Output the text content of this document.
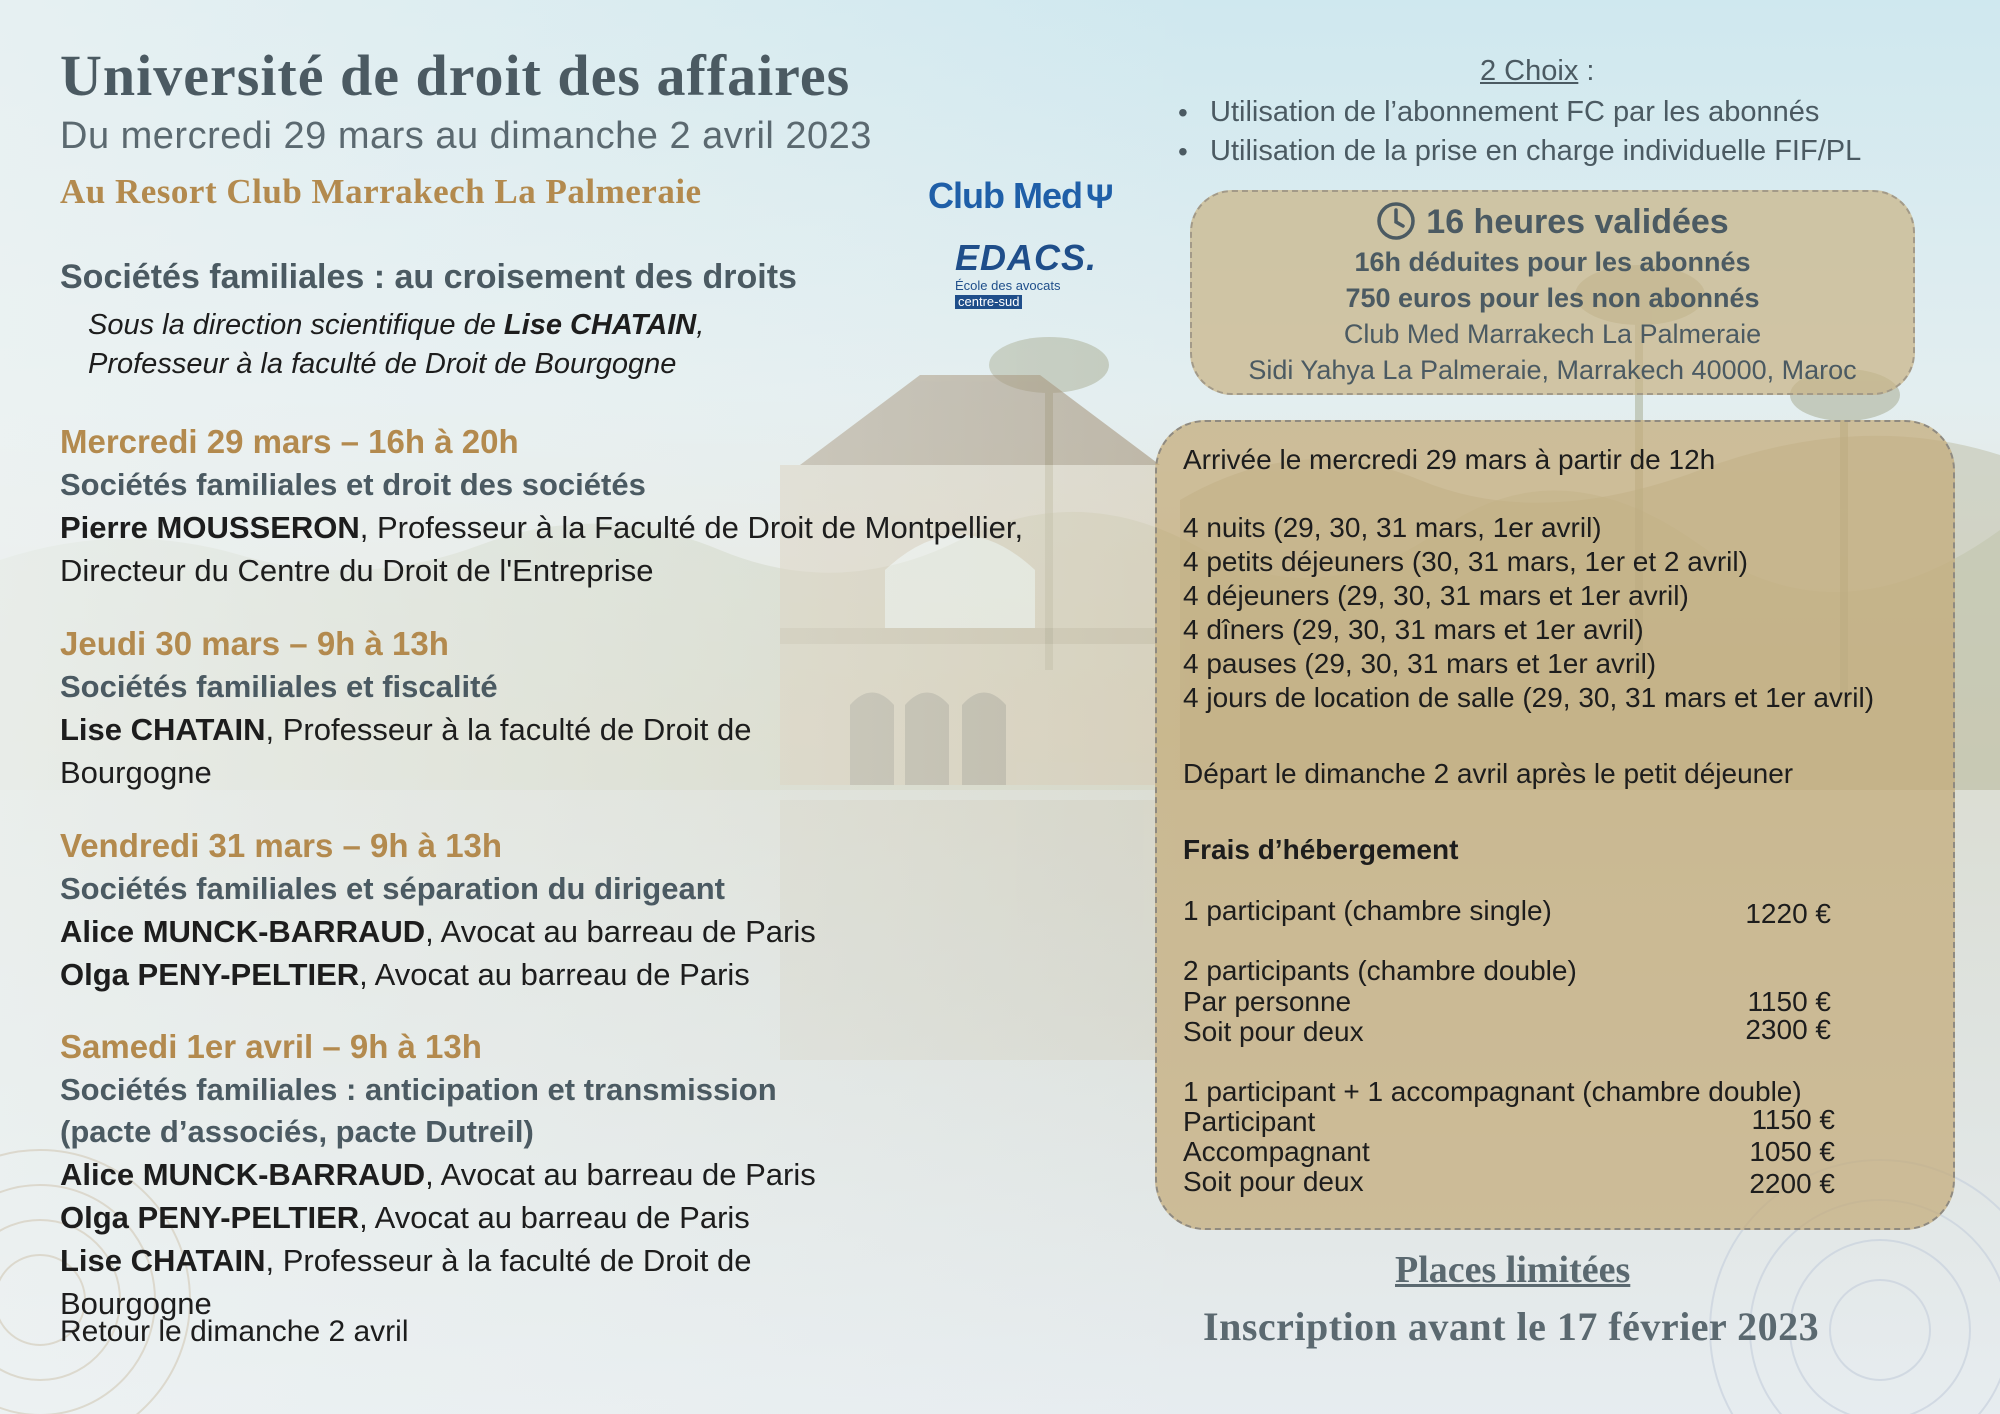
Université de droit des affaires
Du mercredi 29 mars au dimanche 2 avril 2023
Au Resort Club Marrakech La Palmeraie	Club Med Ψ
EDACS.
École des avocats
centre-sud
Sociétés familiales : au croisement des droits
Sous la direction scientifique de Lise CHATAIN,
Professeur à la faculté de Droit de Bourgogne
Mercredi 29 mars – 16h à 20h
Sociétés familiales et droit des sociétés
Pierre MOUSSERON, Professeur à la Faculté de Droit de Montpellier, Directeur du Centre du Droit de l'Entreprise
Jeudi 30 mars – 9h à 13h
Sociétés familiales et fiscalité
Lise CHATAIN, Professeur à la faculté de Droit de Bourgogne
Vendredi 31 mars – 9h à 13h
Sociétés familiales et séparation du dirigeant
Alice MUNCK-BARRAUD, Avocat au barreau de Paris
Olga PENY-PELTIER, Avocat au barreau de Paris
Samedi 1er avril – 9h à 13h
Sociétés familiales : anticipation et transmission (pacte d’associés, pacte Dutreil)
Alice MUNCK-BARRAUD, Avocat au barreau de Paris
Olga PENY-PELTIER, Avocat au barreau de Paris
Lise CHATAIN, Professeur à la faculté de Droit de Bourgogne
Retour le dimanche 2 avril
2 Choix :
• Utilisation de l’abonnement FC par les abonnés
• Utilisation de la prise en charge individuelle FIF/PL
16 heures validées
16h déduites pour les abonnés
750 euros pour les non abonnés
Club Med Marrakech La Palmeraie
Sidi Yahya La Palmeraie, Marrakech 40000, Maroc
Arrivée le mercredi 29 mars à partir de 12h
4 nuits (29, 30, 31 mars, 1er avril)
4 petits déjeuners (30, 31 mars, 1er et 2 avril)
4 déjeuners (29, 30, 31 mars et 1er avril)
4 dîners (29, 30, 31 mars et 1er avril)
4 pauses (29, 30, 31 mars et 1er avril)
4 jours de location de salle (29, 30, 31 mars et 1er avril)
Départ le dimanche 2 avril après le petit déjeuner
Frais d’hébergement
1 participant (chambre single)	1220 €
2 participants (chambre double)
Par personne	1150 €
Soit pour deux	2300 €
1 participant + 1 accompagnant (chambre double)
Participant	1150 €
Accompagnant	1050 €
Soit pour deux	2200 €
Places limitées
Inscription avant le 17 février 2023
